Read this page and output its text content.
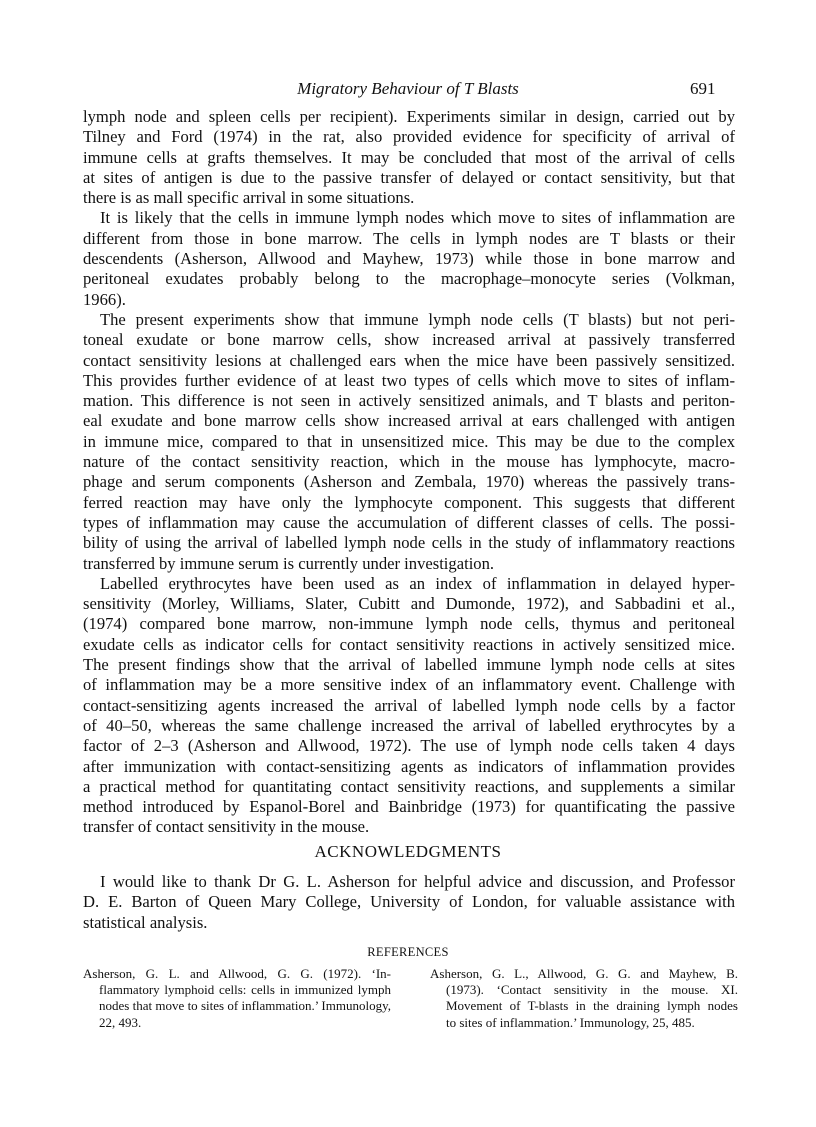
Migratory Behaviour of T Blasts	691
lymph node and spleen cells per recipient). Experiments similar in design, carried out by
Tilney and Ford (1974) in the rat, also provided evidence for specificity of arrival of
immune cells at grafts themselves. It may be concluded that most of the arrival of cells
at sites of antigen is due to the passive transfer of delayed or contact sensitivity, but that
there is as mall specific arrival in some situations.
It is likely that the cells in immune lymph nodes which move to sites of inflammation are
different from those in bone marrow. The cells in lymph nodes are T blasts or their
descendents (Asherson, Allwood and Mayhew, 1973) while those in bone marrow and
peritoneal exudates probably belong to the macrophage–monocyte series (Volkman,
1966).
The present experiments show that immune lymph node cells (T blasts) but not peri-
toneal exudate or bone marrow cells, show increased arrival at passively transferred
contact sensitivity lesions at challenged ears when the mice have been passively sensitized.
This provides further evidence of at least two types of cells which move to sites of inflam-
mation. This difference is not seen in actively sensitized animals, and T blasts and periton-
eal exudate and bone marrow cells show increased arrival at ears challenged with antigen
in immune mice, compared to that in unsensitized mice. This may be due to the complex
nature of the contact sensitivity reaction, which in the mouse has lymphocyte, macro-
phage and serum components (Asherson and Zembala, 1970) whereas the passively trans-
ferred reaction may have only the lymphocyte component. This suggests that different
types of inflammation may cause the accumulation of different classes of cells. The possi-
bility of using the arrival of labelled lymph node cells in the study of inflammatory reactions
transferred by immune serum is currently under investigation.
Labelled erythrocytes have been used as an index of inflammation in delayed hyper-
sensitivity (Morley, Williams, Slater, Cubitt and Dumonde, 1972), and Sabbadini et al.,
(1974) compared bone marrow, non-immune lymph node cells, thymus and peritoneal
exudate cells as indicator cells for contact sensitivity reactions in actively sensitized mice.
The present findings show that the arrival of labelled immune lymph node cells at sites
of inflammation may be a more sensitive index of an inflammatory event. Challenge with
contact-sensitizing agents increased the arrival of labelled lymph node cells by a factor
of 40–50, whereas the same challenge increased the arrival of labelled erythrocytes by a
factor of 2–3 (Asherson and Allwood, 1972). The use of lymph node cells taken 4 days
after immunization with contact-sensitizing agents as indicators of inflammation provides
a practical method for quantitating contact sensitivity reactions, and supplements a similar
method introduced by Espanol-Borel and Bainbridge (1973) for quantificating the passive
transfer of contact sensitivity in the mouse.
ACKNOWLEDGMENTS
I would like to thank Dr G. L. Asherson for helpful advice and discussion, and Professor
D. E. Barton of Queen Mary College, University of London, for valuable assistance with
statistical analysis.
REFERENCES
Asherson, G. L. and Allwood, G. G. (1972). ‘In-
flammatory lymphoid cells: cells in immunized lymph
nodes that move to sites of inflammation.’ Immunology,
22, 493.
Asherson, G. L., Allwood, G. G. and Mayhew, B.
(1973). ‘Contact sensitivity in the mouse. XI.
Movement of T-blasts in the draining lymph nodes
to sites of inflammation.’ Immunology, 25, 485.
